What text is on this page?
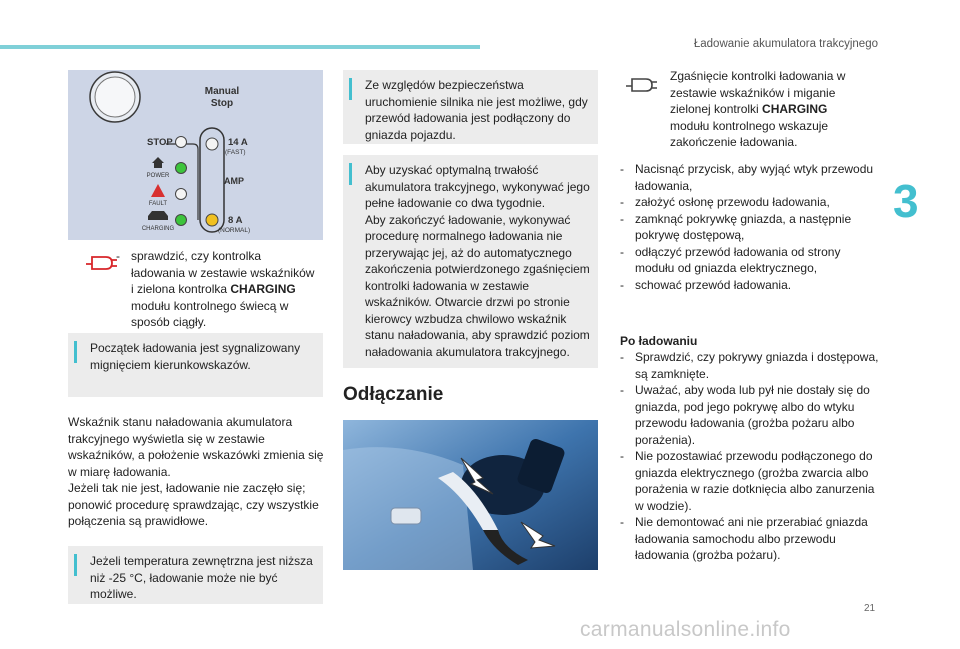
Ładowanie akumulatora trakcyjnego
3
Manual
Stop
14 A
(FAST)
AMP
8 A
(NORMAL)
STOP
POWER
FAULT
CHARGING
- sprawdzić, czy kontrolka ładowania w zestawie wskaźników i zielona kontrolka CHARGING modułu kontrolnego świecą w sposób ciągły.
Początek ładowania jest sygnalizowany mignięciem kierunkowskazów.
Wskaźnik stanu naładowania akumulatora trakcyjnego wyświetla się w zestawie wskaźników, a położenie wskazówki zmienia się w miarę ładowania.
Jeżeli tak nie jest, ładowanie nie zaczęło się; ponowić procedurę sprawdzając, czy wszystkie połączenia są prawidłowe.
Jeżeli temperatura zewnętrzna jest niższa niż -25 °C, ładowanie może nie być możliwe.
Ze względów bezpieczeństwa uruchomienie silnika nie jest możliwe, gdy przewód ładowania jest podłączony do gniazda pojazdu.
Aby uzyskać optymalną trwałość akumulatora trakcyjnego, wykonywać jego pełne ładowanie co dwa tygodnie.
Aby zakończyć ładowanie, wykonywać procedurę normalnego ładowania nie przerywając jej, aż do automatycznego zakończenia potwierdzonego zgaśnięciem kontrolki ładowania w zestawie wskaźników. Otwarcie drzwi po stronie kierowcy wzbudza chwilowo wskaźnik stanu naładowania, aby sprawdzić poziom naładowania akumulatora trakcyjnego.
Odłączanie
Zgaśnięcie kontrolki ładowania w zestawie wskaźników i miganie zielonej kontrolki CHARGING modułu kontrolnego wskazuje zakończenie ładowania.
- Nacisnąć przycisk, aby wyjąć wtyk przewodu ładowania,
- założyć osłonę przewodu ładowania,
- zamknąć pokrywkę gniazda, a następnie pokrywę dostępową,
- odłączyć przewód ładowania od strony modułu od gniazda elektrycznego,
- schować przewód ładowania.
Po ładowaniu
- Sprawdzić, czy pokrywy gniazda i dostępowa, są zamknięte.
- Uważać, aby woda lub pył nie dostały się do gniazda, pod jego pokrywę albo do wtyku przewodu ładowania (grożba pożaru albo porażenia).
- Nie pozostawiać przewodu podłączonego do gniazda elektrycznego (grożba zwarcia albo porażenia w razie dotknięcia albo zanurzenia w wodzie).
- Nie demontować ani nie przerabiać gniazda ładowania samochodu albo przewodu ładowania (grożba pożaru).
21
carmanualsonline.info
